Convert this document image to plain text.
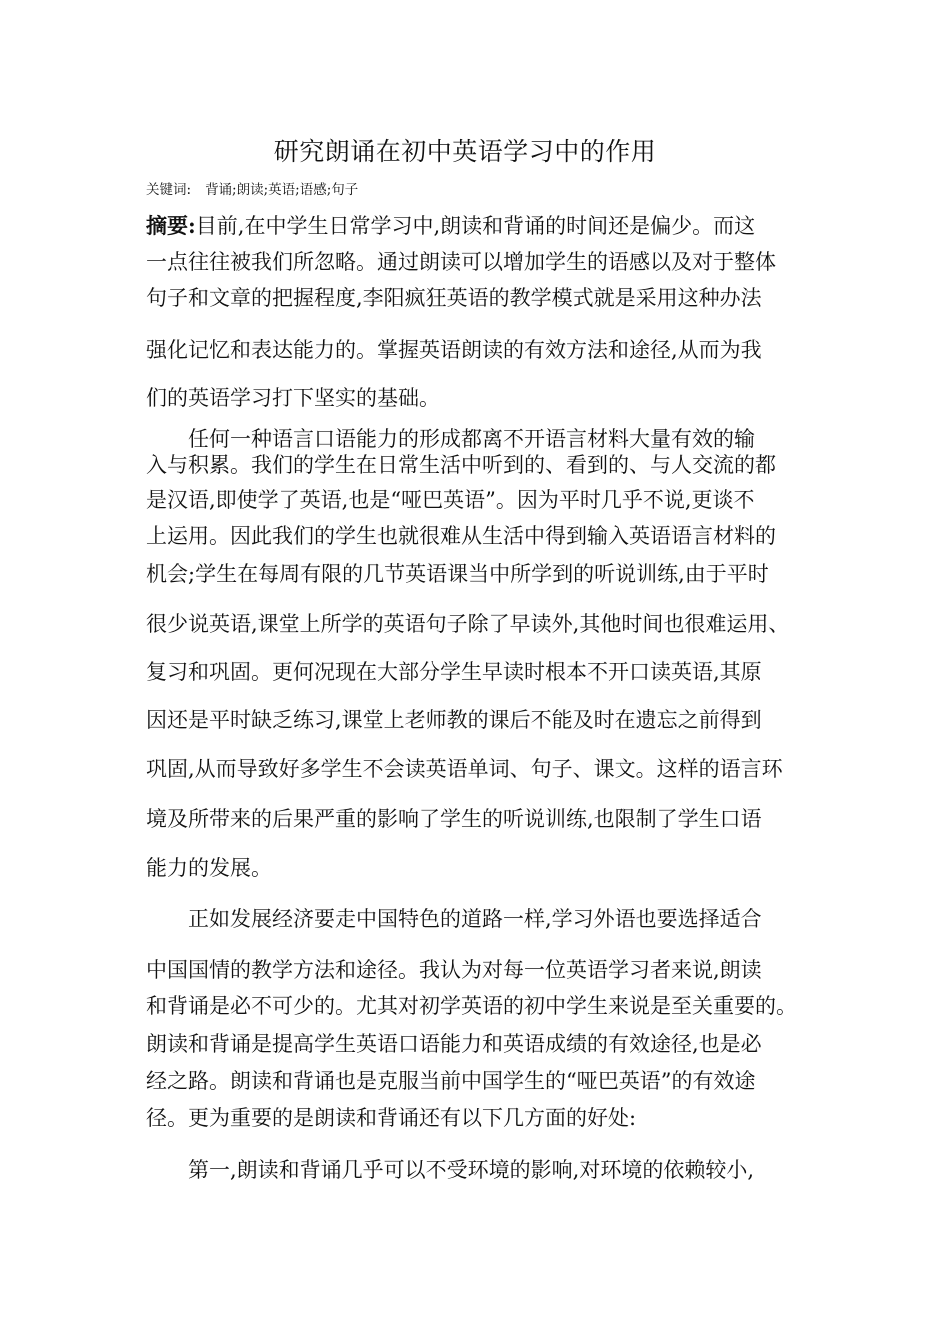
研究朗诵在初中英语学习中的作用
关键词: 背诵;朗读;英语;语感;句子
摘要:目前,在中学生日常学习中,朗读和背诵的时间还是偏少。而这
一点往往被我们所忽略。通过朗读可以增加学生的语感以及对于整体
句子和文章的把握程度,李阳疯狂英语的教学模式就是采用这种办法
强化记忆和表达能力的。掌握英语朗读的有效方法和途径,从而为我
们的英语学习打下坚实的基础。
任何一种语言口语能力的形成都离不开语言材料大量有效的输
入与积累。我们的学生在日常生活中听到的、看到的、与人交流的都
是汉语,即使学了英语,也是“哑巴英语”。因为平时几乎不说,更谈不
上运用。因此我们的学生也就很难从生活中得到输入英语语言材料的
机会;学生在每周有限的几节英语课当中所学到的听说训练,由于平时
很少说英语,课堂上所学的英语句子除了早读外,其他时间也很难运用、
复习和巩固。更何况现在大部分学生早读时根本不开口读英语,其原
因还是平时缺乏练习,课堂上老师教的课后不能及时在遗忘之前得到
巩固,从而导致好多学生不会读英语单词、句子、课文。这样的语言环
境及所带来的后果严重的影响了学生的听说训练,也限制了学生口语
能力的发展。
正如发展经济要走中国特色的道路一样,学习外语也要选择适合
中国国情的教学方法和途径。我认为对每一位英语学习者来说,朗读
和背诵是必不可少的。尤其对初学英语的初中学生来说是至关重要的。
朗读和背诵是提高学生英语口语能力和英语成绩的有效途径,也是必
经之路。朗读和背诵也是克服当前中国学生的“哑巴英语”的有效途
径。更为重要的是朗读和背诵还有以下几方面的好处:
第一,朗读和背诵几乎可以不受环境的影响,对环境的依赖较小,
